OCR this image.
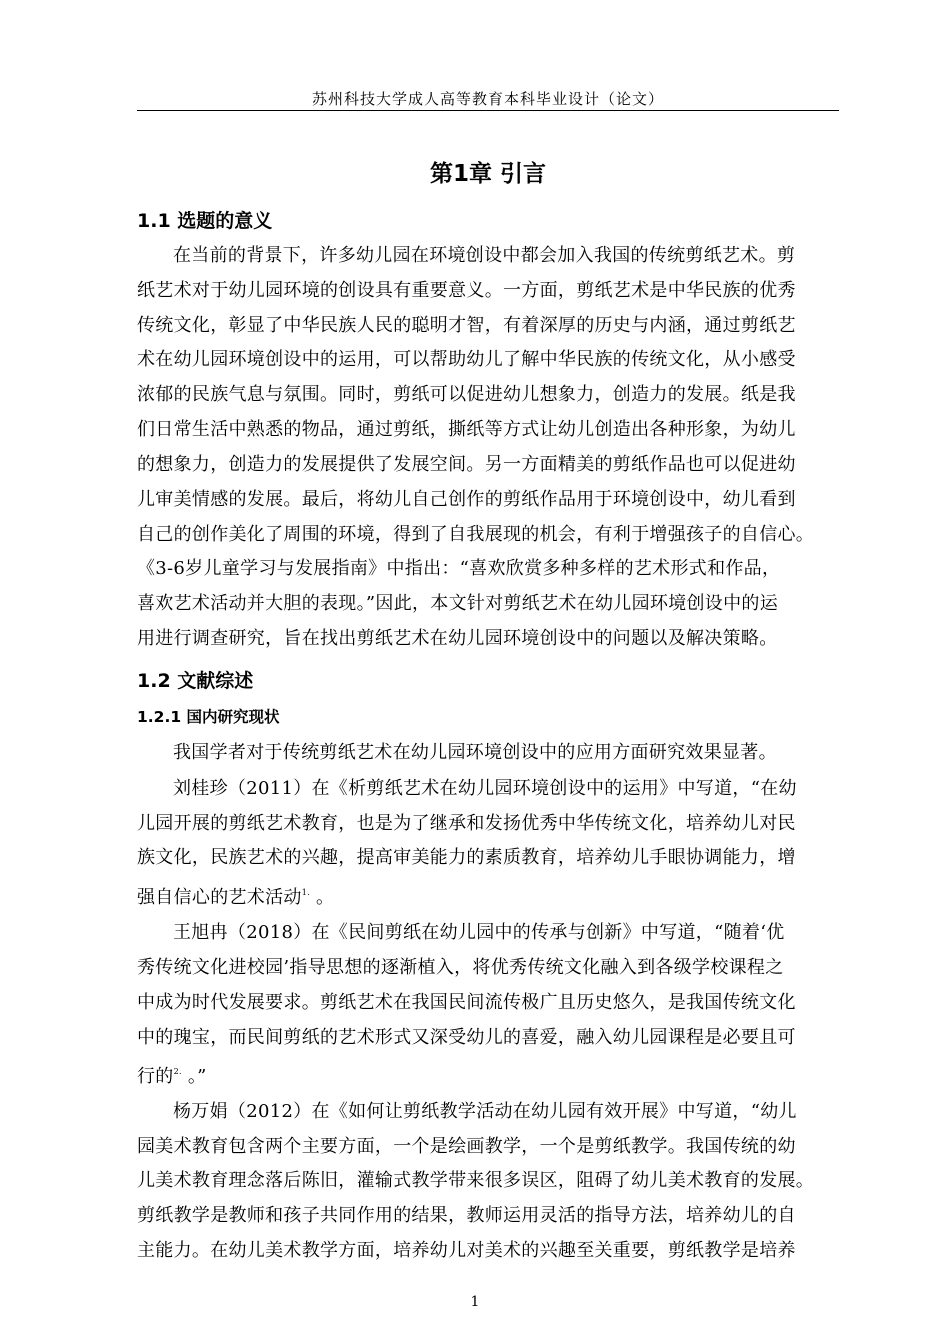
苏州科技大学成人高等教育本科毕业设计（论文）
第1章 引言
1.1 选题的意义
在当前的背景下，许多幼儿园在环境创设中都会加入我国的传统剪纸艺术。剪
纸艺术对于幼儿园环境的创设具有重要意义。一方面，剪纸艺术是中华民族的优秀
传统文化，彰显了中华民族人民的聪明才智，有着深厚的历史与内涵，通过剪纸艺
术在幼儿园环境创设中的运用，可以帮助幼儿了解中华民族的传统文化，从小感受
浓郁的民族气息与氛围。同时，剪纸可以促进幼儿想象力，创造力的发展。纸是我
们日常生活中熟悉的物品，通过剪纸，撕纸等方式让幼儿创造出各种形象，为幼儿
的想象力，创造力的发展提供了发展空间。另一方面精美的剪纸作品也可以促进幼
儿审美情感的发展。最后，将幼儿自己创作的剪纸作品用于环境创设中，幼儿看到
自己的创作美化了周围的环境，得到了自我展现的机会，有利于增强孩子的自信心。
《3-6岁儿童学习与发展指南》中指出：“喜欢欣赏多种多样的艺术形式和作品，
喜欢艺术活动并大胆的表现。”因此，本文针对剪纸艺术在幼儿园环境创设中的运
用进行调查研究，旨在找出剪纸艺术在幼儿园环境创设中的问题以及解决策略。
1.2 文献综述
1.2.1 国内研究现状
我国学者对于传统剪纸艺术在幼儿园环境创设中的应用方面研究效果显著。
刘桂珍（2011）在《析剪纸艺术在幼儿园环境创设中的运用》中写道，“在幼
儿园开展的剪纸艺术教育，也是为了继承和发扬优秀中华传统文化，培养幼儿对民
族文化，民族艺术的兴趣，提高审美能力的素质教育，培养幼儿手眼协调能力，增
强自信心的艺术活动$^{1.}$ 。
王旭冉（2018）在《民间剪纸在幼儿园中的传承与创新》中写道，“随着‘优
秀传统文化进校园’指导思想的逐渐植入，将优秀传统文化融入到各级学校课程之
中成为时代发展要求。剪纸艺术在我国民间流传极广且历史悠久，是我国传统文化
中的瑰宝，而民间剪纸的艺术形式又深受幼儿的喜爱，融入幼儿园课程是必要且可
行的$^{2.}$ 。”
杨万娟（2012）在《如何让剪纸教学活动在幼儿园有效开展》中写道，“幼儿
园美术教育包含两个主要方面，一个是绘画教学，一个是剪纸教学。我国传统的幼
儿美术教育理念落后陈旧，灌输式教学带来很多误区，阻碍了幼儿美术教育的发展。
剪纸教学是教师和孩子共同作用的结果，教师运用灵活的指导方法，培养幼儿的自
主能力。在幼儿美术教学方面，培养幼儿对美术的兴趣至关重要，剪纸教学是培养
1
